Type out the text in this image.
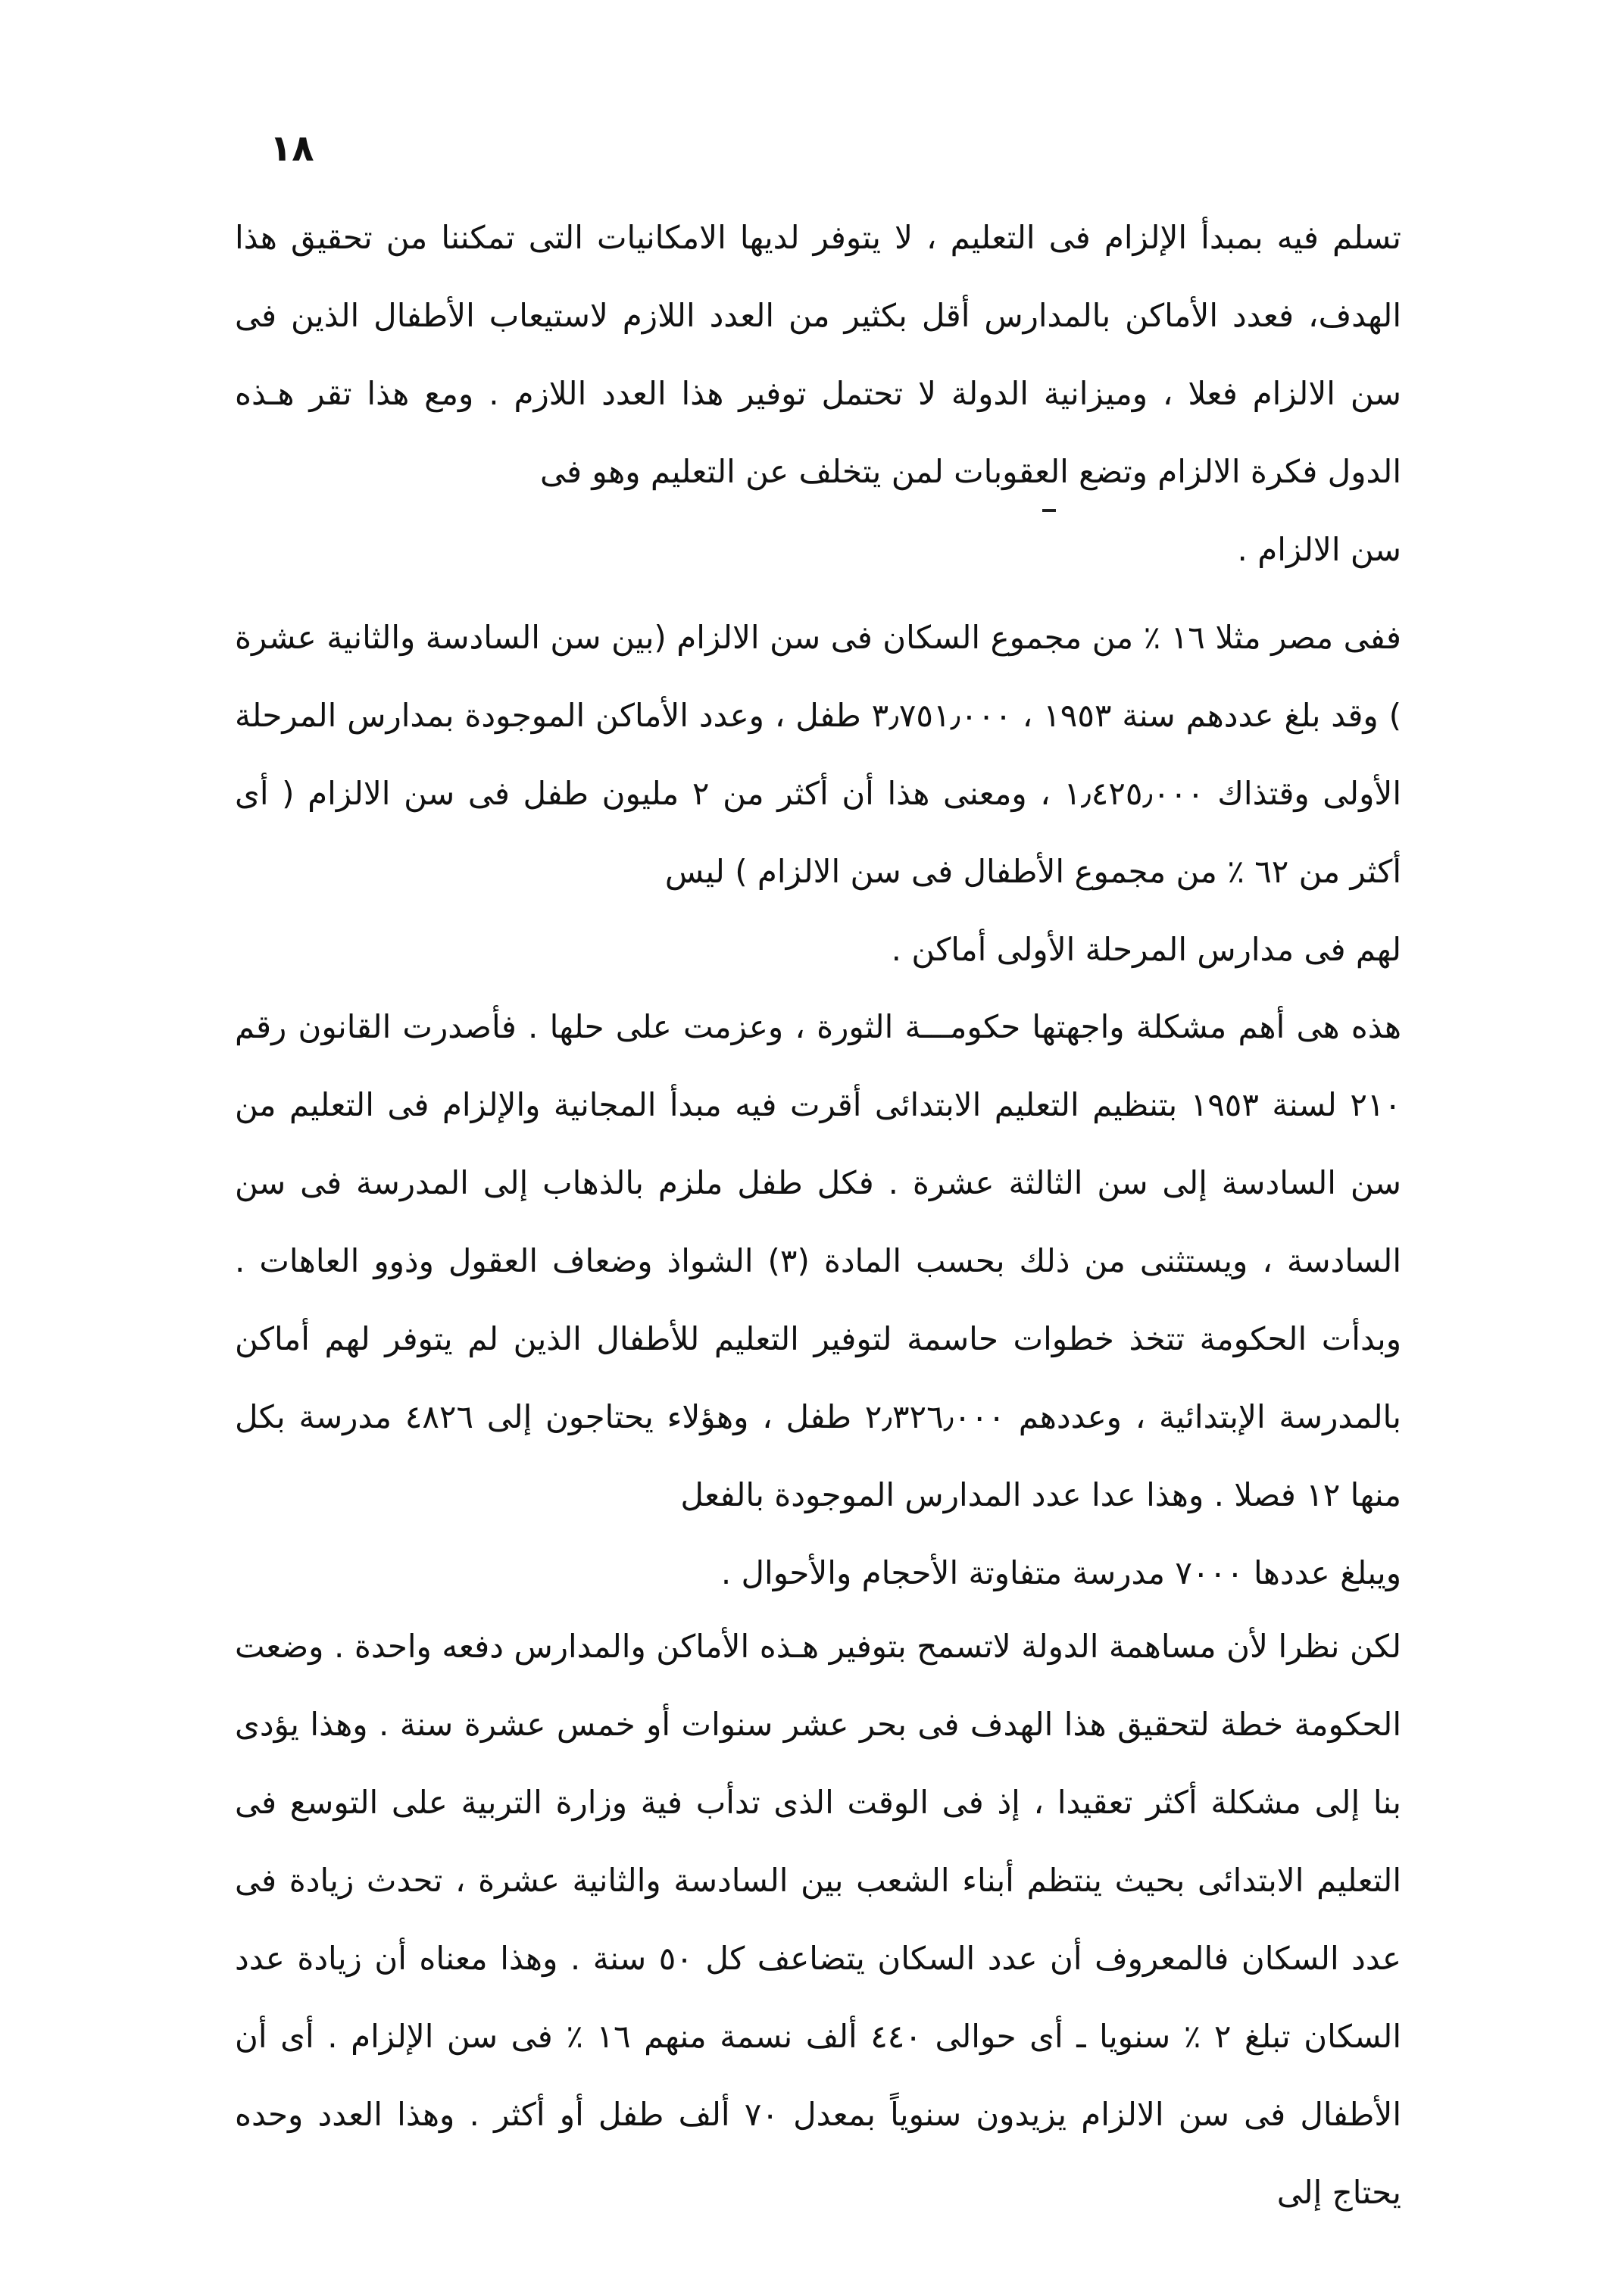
١٨

تسلم فيه بمبدأ الإلزام فى التعليم ، لا يتوفر لديها الامكانيات التى تمكننا من تحقيق هذا الهدف، فعدد الأماكن بالمدارس أقل بكثير من العدد اللازم لاستيعاب الأطفال الذين فى سن الالزام فعلا ، وميزانية الدولة لا تحتمل توفير هذا العدد اللازم . ومع هذا تقر هـذه الدول فكرة الالزام وتضع العقوبات لمن يتخلف عن التعليم وهو فى
سن الالزام .

ففى مصر مثلا ١٦ ٪ من مجموع السكان فى سن الالزام (بين سن السادسة والثانية عشرة ) وقد بلغ عددهم سنة ١٩٥٣ ، ٣٫٧٥١٫٠٠٠ طفل ، وعدد الأماكن الموجودة بمدارس المرحلة الأولى وقتذاك ١٫٤٢٥٫٠٠٠ ، ومعنى هذا أن أكثر من ٢ مليون طفل فى سن الالزام ( أى أكثر من ٦٢ ٪ من مجموع الأطفال فى سن الالزام ) ليس
لهم فى مدارس المرحلة الأولى أماكن .

هذه هى أهم مشكلة واجهتها حكومـــة الثورة ، وعزمت على حلها . فأصدرت القانون رقم ٢١٠ لسنة ١٩٥٣ بتنظيم التعليم الابتدائى أقرت فيه مبدأ المجانية والإلزام فى التعليم من سن السادسة إلى سن الثالثة عشرة . فكل طفل ملزم بالذهاب إلى المدرسة فى سن السادسة ، ويستثنى من ذلك بحسب المادة (٣) الشواذ وضعاف العقول وذوو العاهات . وبدأت الحكومة تتخذ خطوات حاسمة لتوفير التعليم للأطفال الذين لم يتوفر لهم أماكن بالمدرسة الإبتدائية ، وعددهم ٢٫٣٢٦٫٠٠٠ طفل ، وهؤلاء يحتاجون إلى ٤٨٢٦ مدرسة بكل منها ١٢ فصلا . وهذا عدا عدد المدارس الموجودة بالفعل
ويبلغ عددها ٧٠٠٠ مدرسة متفاوتة الأحجام والأحوال .

لكن نظرا لأن مساهمة الدولة لاتسمح بتوفير هـذه الأماكن والمدارس دفعه واحدة . وضعت الحكومة خطة لتحقيق هذا الهدف فى بحر عشر سنوات أو خمس عشرة سنة . وهذا يؤدى بنا إلى مشكلة أكثر تعقيدا ، إذ فى الوقت الذى تدأب فية وزارة التربية على التوسع فى التعليم الابتدائى بحيث ينتظم أبناء الشعب بين السادسة والثانية عشرة ، تحدث زيادة فى عدد السكان فالمعروف أن عدد السكان يتضاعف كل ٥٠ سنة . وهذا معناه أن زيادة عدد السكان تبلغ ٢ ٪ سنويا ـ أى حوالى ٤٤٠ ألف نسمة منهم ١٦ ٪ فى سن الإلزام . أى أن الأطفال فى سن الالزام يزيدون سنوياً بمعدل ٧٠ ألف طفل أو أكثر . وهذا العدد وحده يحتاج إلى
